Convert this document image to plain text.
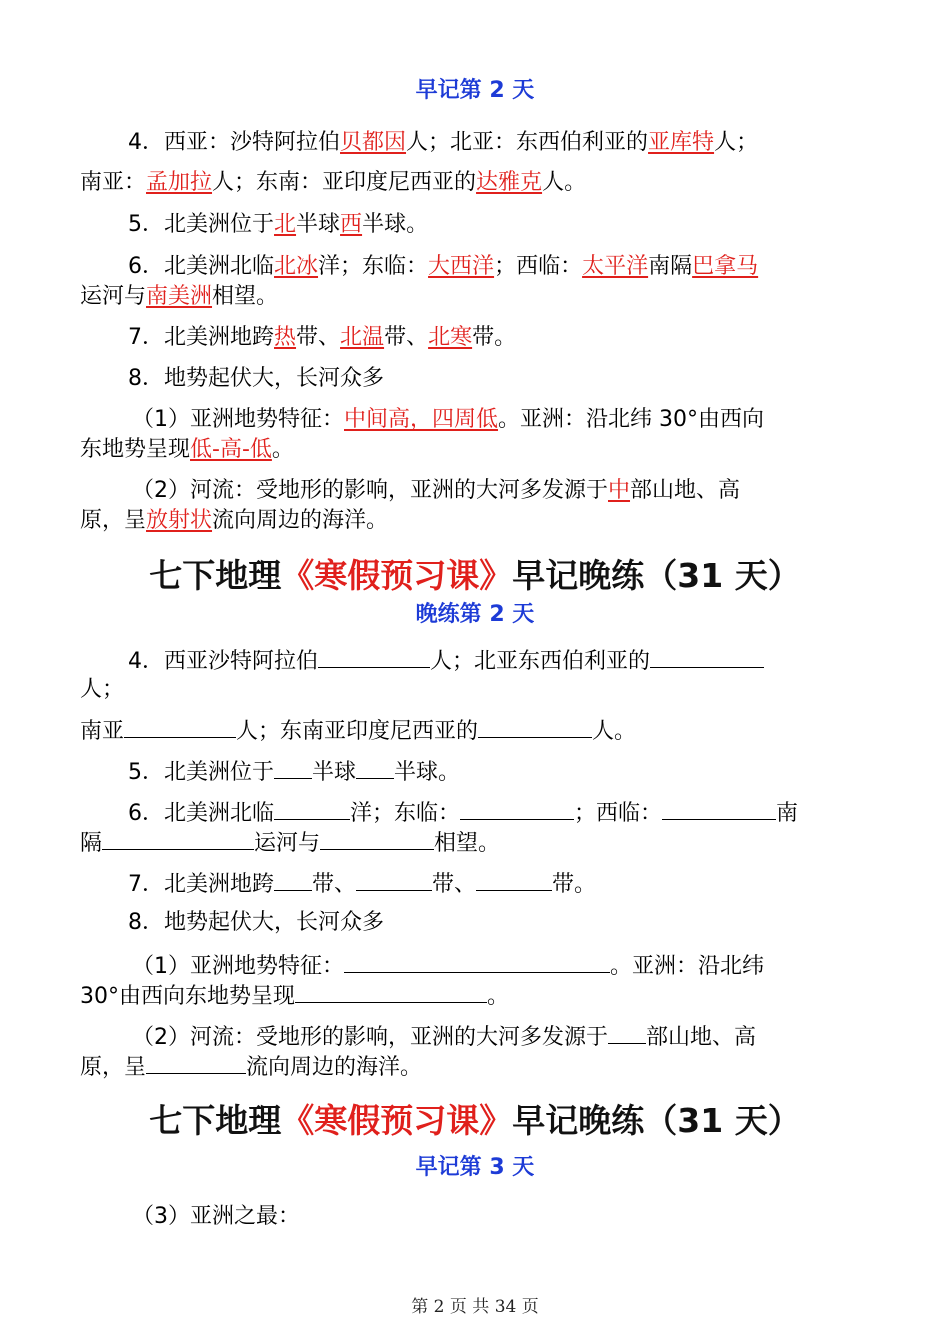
早记第 2 天
4．西亚：沙特阿拉伯贝都因人；北亚：东西伯利亚的亚库特人；
南亚：孟加拉人；东南：亚印度尼西亚的达雅克人。
5．北美洲位于北半球西半球。
6．北美洲北临北冰洋；东临：大西洋；西临：太平洋南隔巴拿马
运河与南美洲相望。
7．北美洲地跨热带、北温带、北寒带。
8．地势起伏大，长河众多
（1）亚洲地势特征：中间高，四周低。亚洲：沿北纬 30°由西向
东地势呈现低-高-低。
（2）河流：受地形的影响，亚洲的大河多发源于中部山地、高
原，呈放射状流向周边的海洋。
七下地理《寒假预习课》早记晚练（31 天）
晚练第 2 天
4．西亚沙特阿拉伯	人；北亚东西伯利亚的
人；
南亚	人；东南亚印度尼西亚的	人。
5．北美洲位于 半球 半球。
6．北美洲北临	洋；东临：	；西临：	南
隔	运河与	相望。
7．北美洲地跨 带、	带、	带。
8．地势起伏大，长河众多
（1）亚洲地势特征：	。亚洲：沿北纬
30°由西向东地势呈现	。
（2）河流：受地形的影响，亚洲的大河多发源于 部山地、高
原，呈	流向周边的海洋。
七下地理《寒假预习课》早记晚练（31 天）
早记第 3 天
（3）亚洲之最：
第 2 页 共 34 页
